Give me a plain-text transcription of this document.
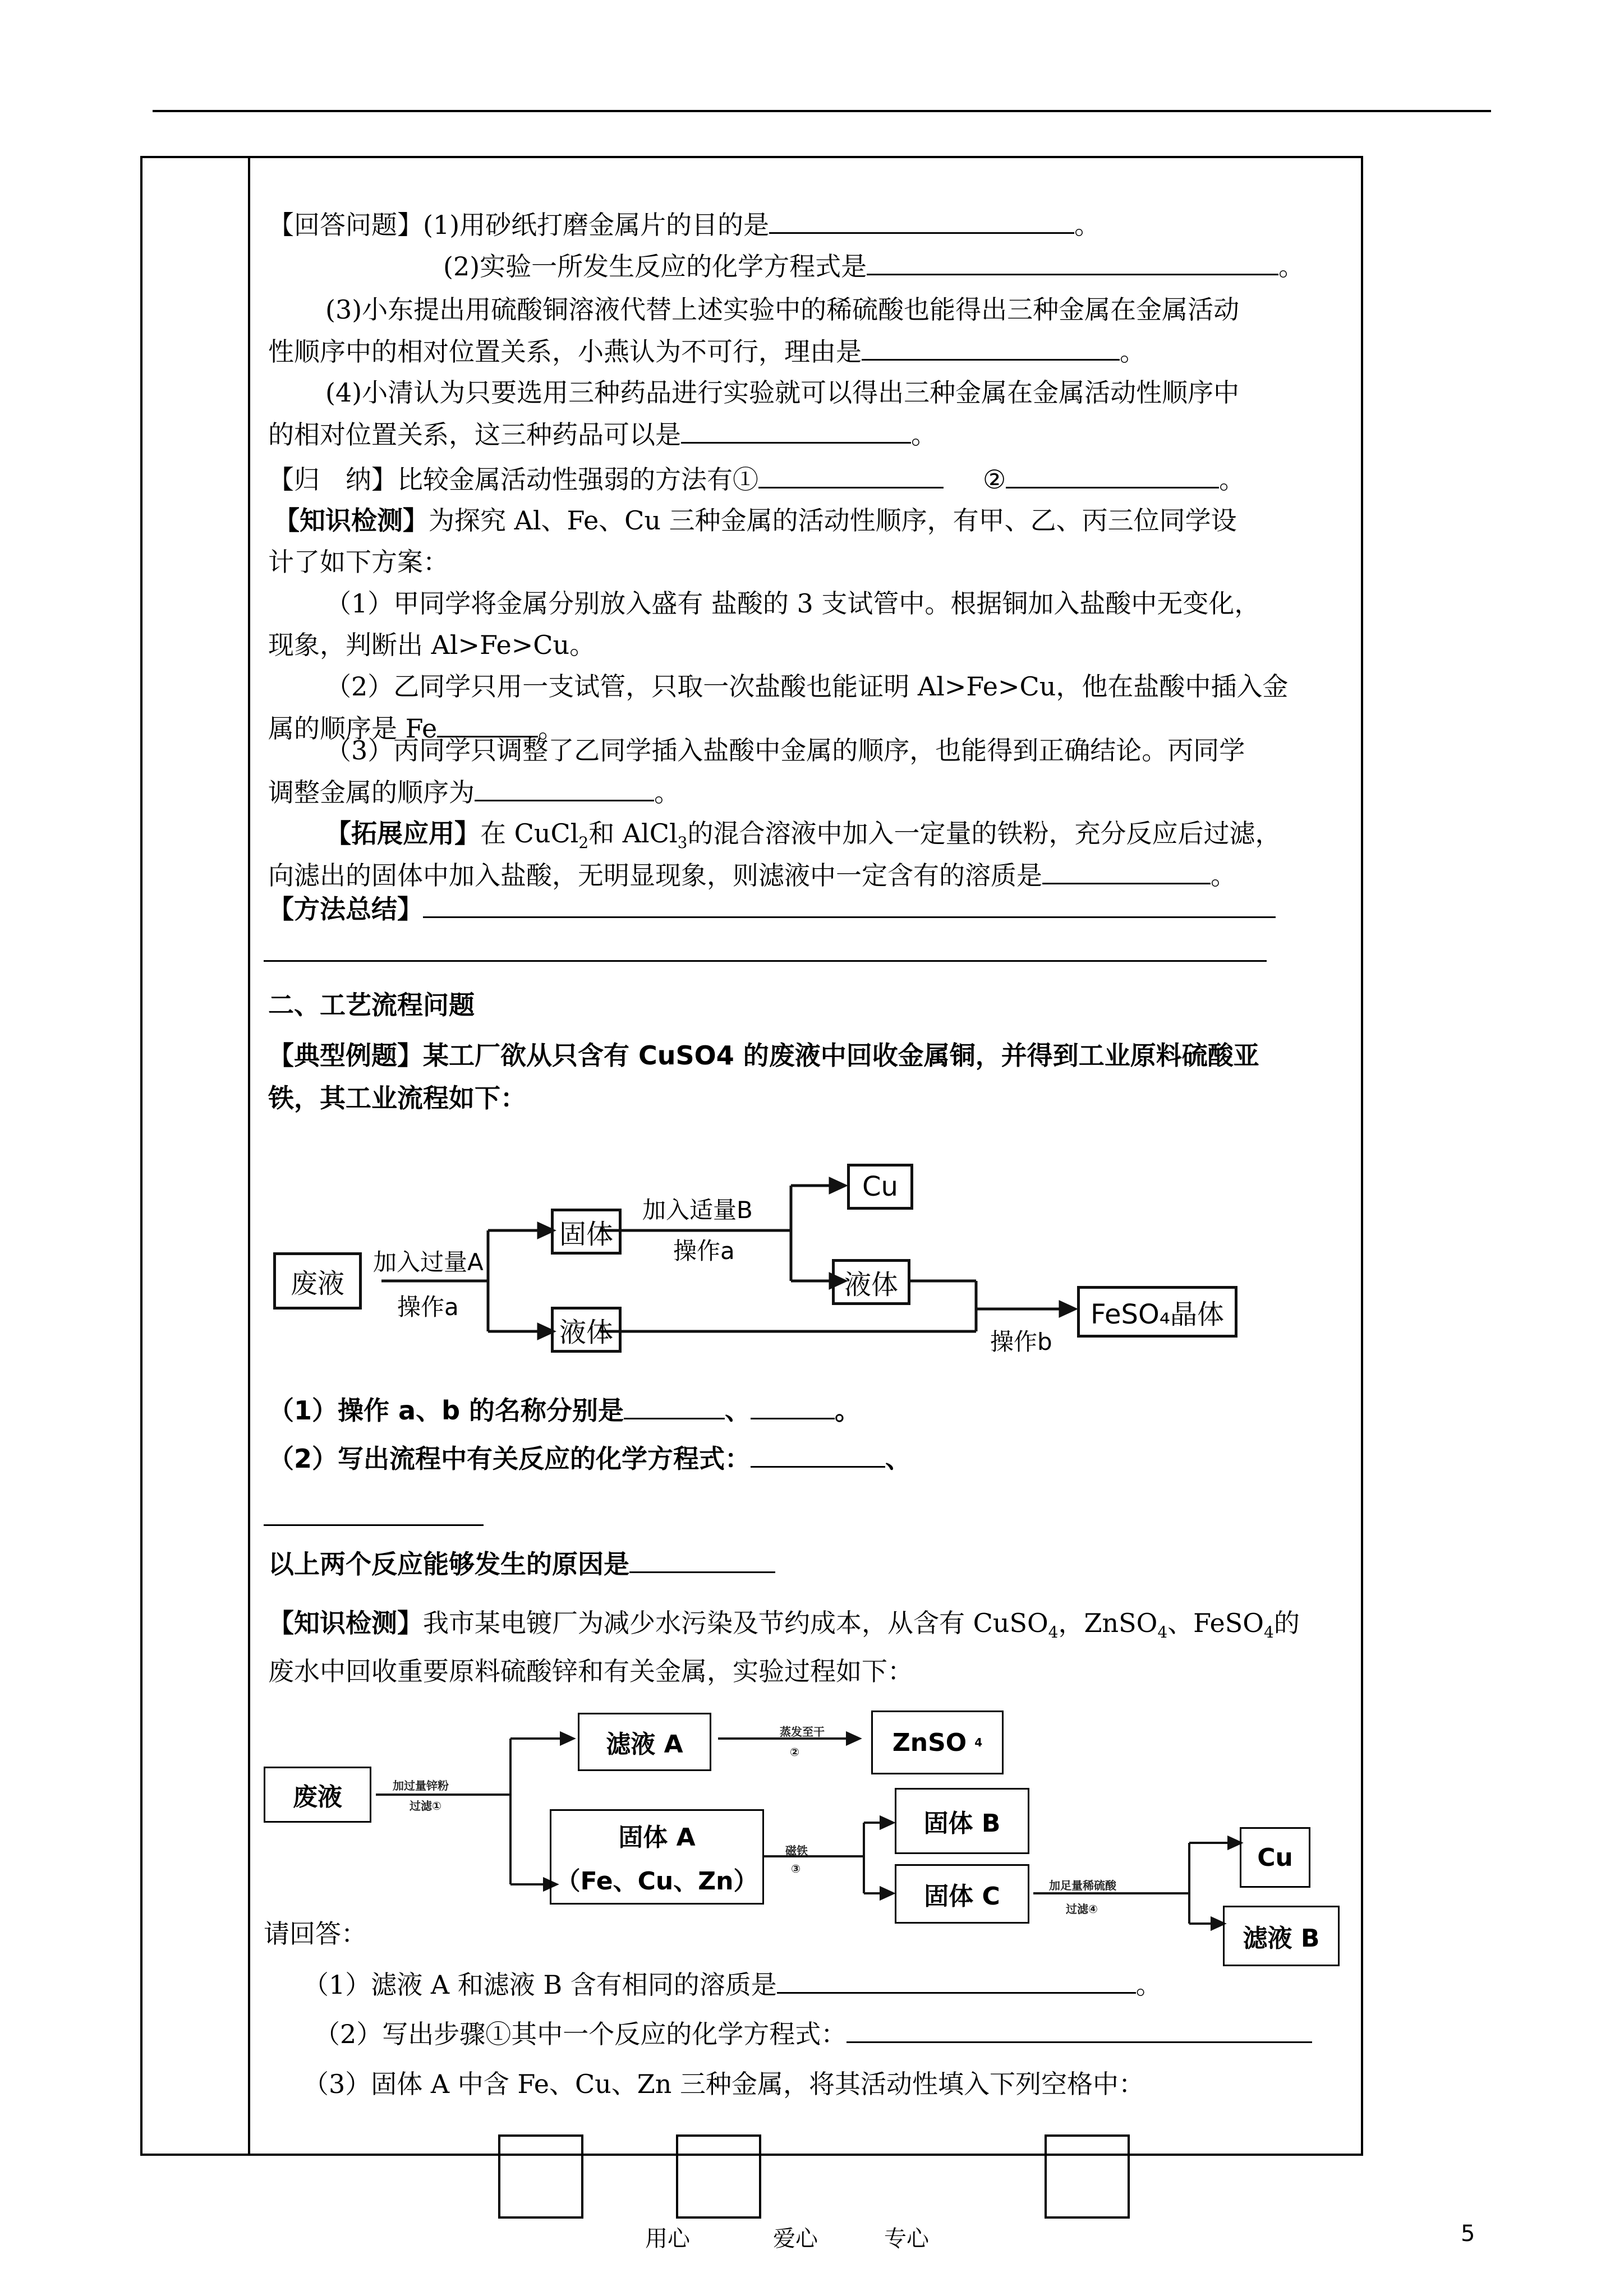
【回答问题】(1)用砂纸打磨金属片的目的是	。
(2)实验一所发生反应的化学方程式是	。
(3)小东提出用硫酸铜溶液代替上述实验中的稀硫酸也能得出三种金属在金属活动
性顺序中的相对位置关系，小燕认为不可行，理由是	。
(4)小清认为只要选用三种药品进行实验就可以得出三种金属在金属活动性顺序中
的相对位置关系，这三种药品可以是	。
【归　纳】比较金属活动性强弱的方法有①	②	。
【知识检测】为探究 Al、Fe、Cu 三种金属的活动性顺序，有甲、乙、丙三位同学设
计了如下方案：
（1）甲同学将金属分别放入盛有 盐酸的 3 支试管中。根据铜加入盐酸中无变化，
现象，判断出 Al>Fe>Cu。
（2）乙同学只用一支试管，只取一次盐酸也能证明 Al>Fe>Cu，他在盐酸中插入金
属的顺序是 Fe	。
（3）丙同学只调整了乙同学插入盐酸中金属的顺序，也能得到正确结论。丙同学
调整金属的顺序为	。
【拓展应用】在 CuCl$_2$和 AlCl$_3$的混合溶液中加入一定量的铁粉，充分反应后过滤，
向滤出的固体中加入盐酸，无明显现象，则滤液中一定含有的溶质是	。
【方法总结】
二、工艺流程问题
【典型例题】某工厂欲从只含有 CuSO4 的废液中回收金属铜，并得到工业原料硫酸亚
铁，其工业流程如下：
废液
固体
液体
Cu
液体
FeSO₄晶体
加入过量A
操作a
加入适量B
操作a
操作b
（1）操作 a、b 的名称分别是	、	。
（2）写出流程中有关反应的化学方程式：	、
以上两个反应能够发生的原因是
【知识检测】我市某电镀厂为减少水污染及节约成本，从含有 CuSO$_4$，ZnSO$_4$、FeSO$_4$的
废水中回收重要原料硫酸锌和有关金属，实验过程如下：
废液
滤液 A	ZnSO 4
固体 A
（Fe、Cu、Zn）
固体 B
固体 C
Cu
滤液 B
加过量锌粉
过滤①
蒸发至干
②
磁铁
③
加足量稀硫酸
过滤④
请回答：
（1）滤液 A 和滤液 B 含有相同的溶质是	。
（2）写出步骤①其中一个反应的化学方程式：
（3）固体 A 中含 Fe、Cu、Zn 三种金属，将其活动性填入下列空格中：
用心	爱心	专心	5
